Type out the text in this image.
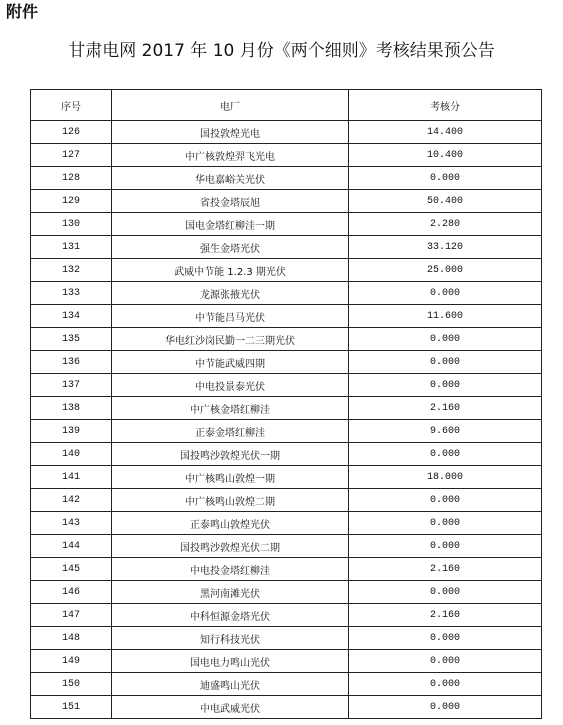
附件
甘肃电网 2017 年 10 月份《两个细则》考核结果预公告
序号	电厂	考核分
126	国投敦煌光电	14.400
127	中广核敦煌羿飞光电	10.400
128	华电嘉峪关光伏	0.000
129	省投金塔辰旭	50.400
130	国电金塔红柳洼一期	2.280
131	强生金塔光伏	33.120
132	武威中节能 1.2.3 期光伏	25.000
133	龙源张掖光伏	0.000
134	中节能吕马光伏	11.600
135	华电红沙岗民勤一二三期光伏	0.000
136	中节能武威四期	0.000
137	中电投景泰光伏	0.000
138	中广核金塔红柳洼	2.160
139	正泰金塔红柳洼	9.600
140	国投鸣沙敦煌光伏一期	0.000
141	中广核鸣山敦煌一期	18.000
142	中广核鸣山敦煌二期	0.000
143	正泰鸣山敦煌光伏	0.000
144	国投鸣沙敦煌光伏二期	0.000
145	中电投金塔红柳洼	2.160
146	黑河南滩光伏	0.000
147	中科恒源金塔光伏	2.160
148	知行科技光伏	0.000
149	国电电力鸣山光伏	0.000
150	迪盛鸣山光伏	0.000
151	中电武威光伏	0.000
